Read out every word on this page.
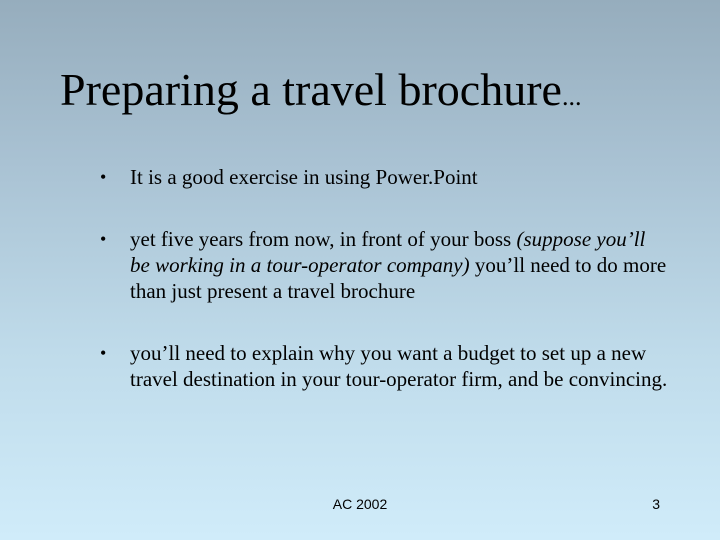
Preparing a travel brochure...
• It is a good exercise in using Power.Point
• yet five years from now, in front of your boss (suppose you’ll be working in a tour-operator company) you’ll need to do more than just present a travel brochure
• you’ll need to explain why you want a budget to set up a new travel destination in your tour-operator firm, and be convincing.
AC 2002	3
